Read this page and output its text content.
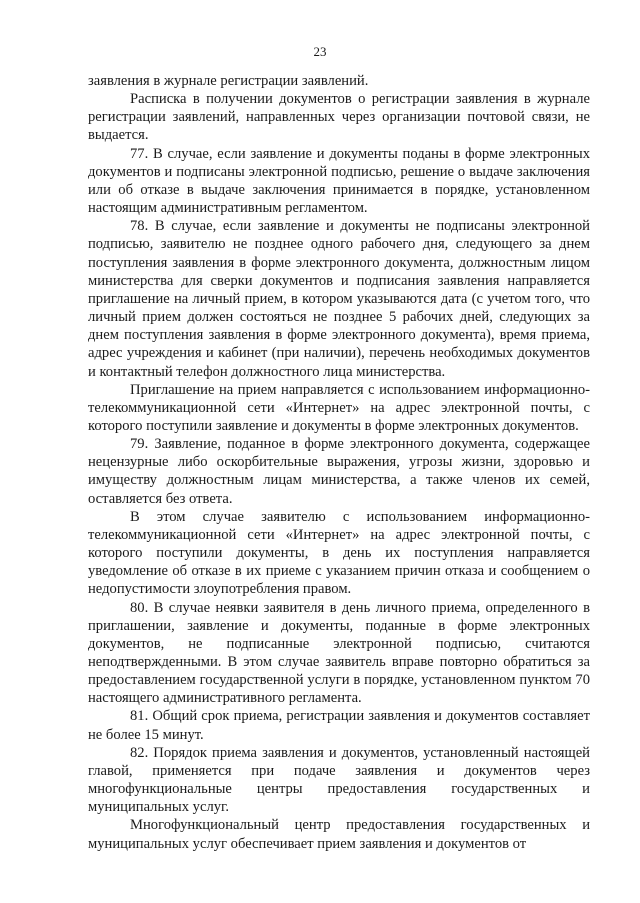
23

заявления в журнале регистрации заявлений.

Расписка в получении документов о регистрации заявления в журнале регистрации заявлений, направленных через организации почтовой связи, не выдается.

77. В случае, если заявление и документы поданы в форме электронных документов и подписаны электронной подписью, решение о выдаче заключения или об отказе в выдаче заключения принимается в порядке, установленном настоящим административным регламентом.

78. В случае, если заявление и документы не подписаны электронной подписью, заявителю не позднее одного рабочего дня, следующего за днем поступления заявления в форме электронного документа, должностным лицом министерства для сверки документов и подписания заявления направляется приглашение на личный прием, в котором указываются дата (с учетом того, что личный прием должен состояться не позднее 5 рабочих дней, следующих за днем поступления заявления в форме электронного документа), время приема, адрес учреждения и кабинет (при наличии), перечень необходимых документов и контактный телефон должностного лица министерства.

Приглашение на прием направляется с использованием информационно-телекоммуникационной сети «Интернет» на адрес электронной почты, с которого поступили заявление и документы в форме электронных документов.

79. Заявление, поданное в форме электронного документа, содержащее нецензурные либо оскорбительные выражения, угрозы жизни, здоровью и имуществу должностным лицам министерства, а также членов их семей, оставляется без ответа.

В этом случае заявителю с использованием информационно-телекоммуникационной сети «Интернет» на адрес электронной почты, с которого поступили документы, в день их поступления направляется уведомление об отказе в их приеме с указанием причин отказа и сообщением о недопустимости злоупотребления правом.

80. В случае неявки заявителя в день личного приема, определенного в приглашении, заявление и документы, поданные в форме электронных документов, не подписанные электронной подписью, считаются неподтвержденными. В этом случае заявитель вправе повторно обратиться за предоставлением государственной услуги в порядке, установленном пунктом 70 настоящего административного регламента.

81. Общий срок приема, регистрации заявления и документов составляет не более 15 минут.

82. Порядок приема заявления и документов, установленный настоящей главой, применяется при подаче заявления и документов через многофункциональные центры предоставления государственных и муниципальных услуг.

Многофункциональный центр предоставления государственных и муниципальных услуг обеспечивает прием заявления и документов от
